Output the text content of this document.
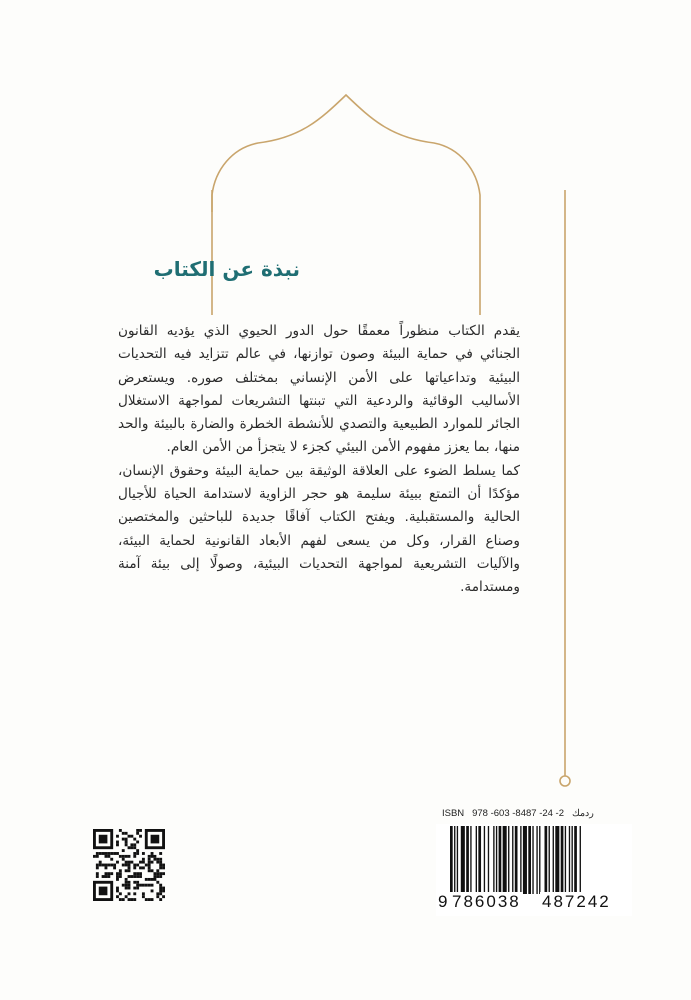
نبذة عن الكتاب

يقدم الكتاب منظوراً معمقًا حول الدور الحيوي الذي يؤديه القانون الجنائي في حماية البيئة وصون توازنها، في عالم تتزايد فيه التحديات البيئية وتداعياتها على الأمن الإنساني بمختلف صوره. ويستعرض الأساليب الوقائية والردعية التي تبنتها التشريعات لمواجهة الاستغلال الجائر للموارد الطبيعية والتصدي للأنشطة الخطرة والضارة بالبيئة والحد منها، بما يعزز مفهوم الأمن البيئي كجزء لا يتجزأ من الأمن العام.

كما يسلط الضوء على العلاقة الوثيقة بين حماية البيئة وحقوق الإنسان، مؤكدًا أن التمتع ببيئة سليمة هو حجر الزاوية لاستدامة الحياة للأجيال الحالية والمستقبلية. ويفتح الكتاب آفاقًا جديدة للباحثين والمختصين وصناع القرار، وكل من يسعى لفهم الأبعاد القانونية لحماية البيئة، والآليات التشريعية لمواجهة التحديات البيئية، وصولًا إلى بيئة آمنة ومستدامة.

ISBN 978 -603 -8487 -24 -2 ردمك
9 786038 487242
